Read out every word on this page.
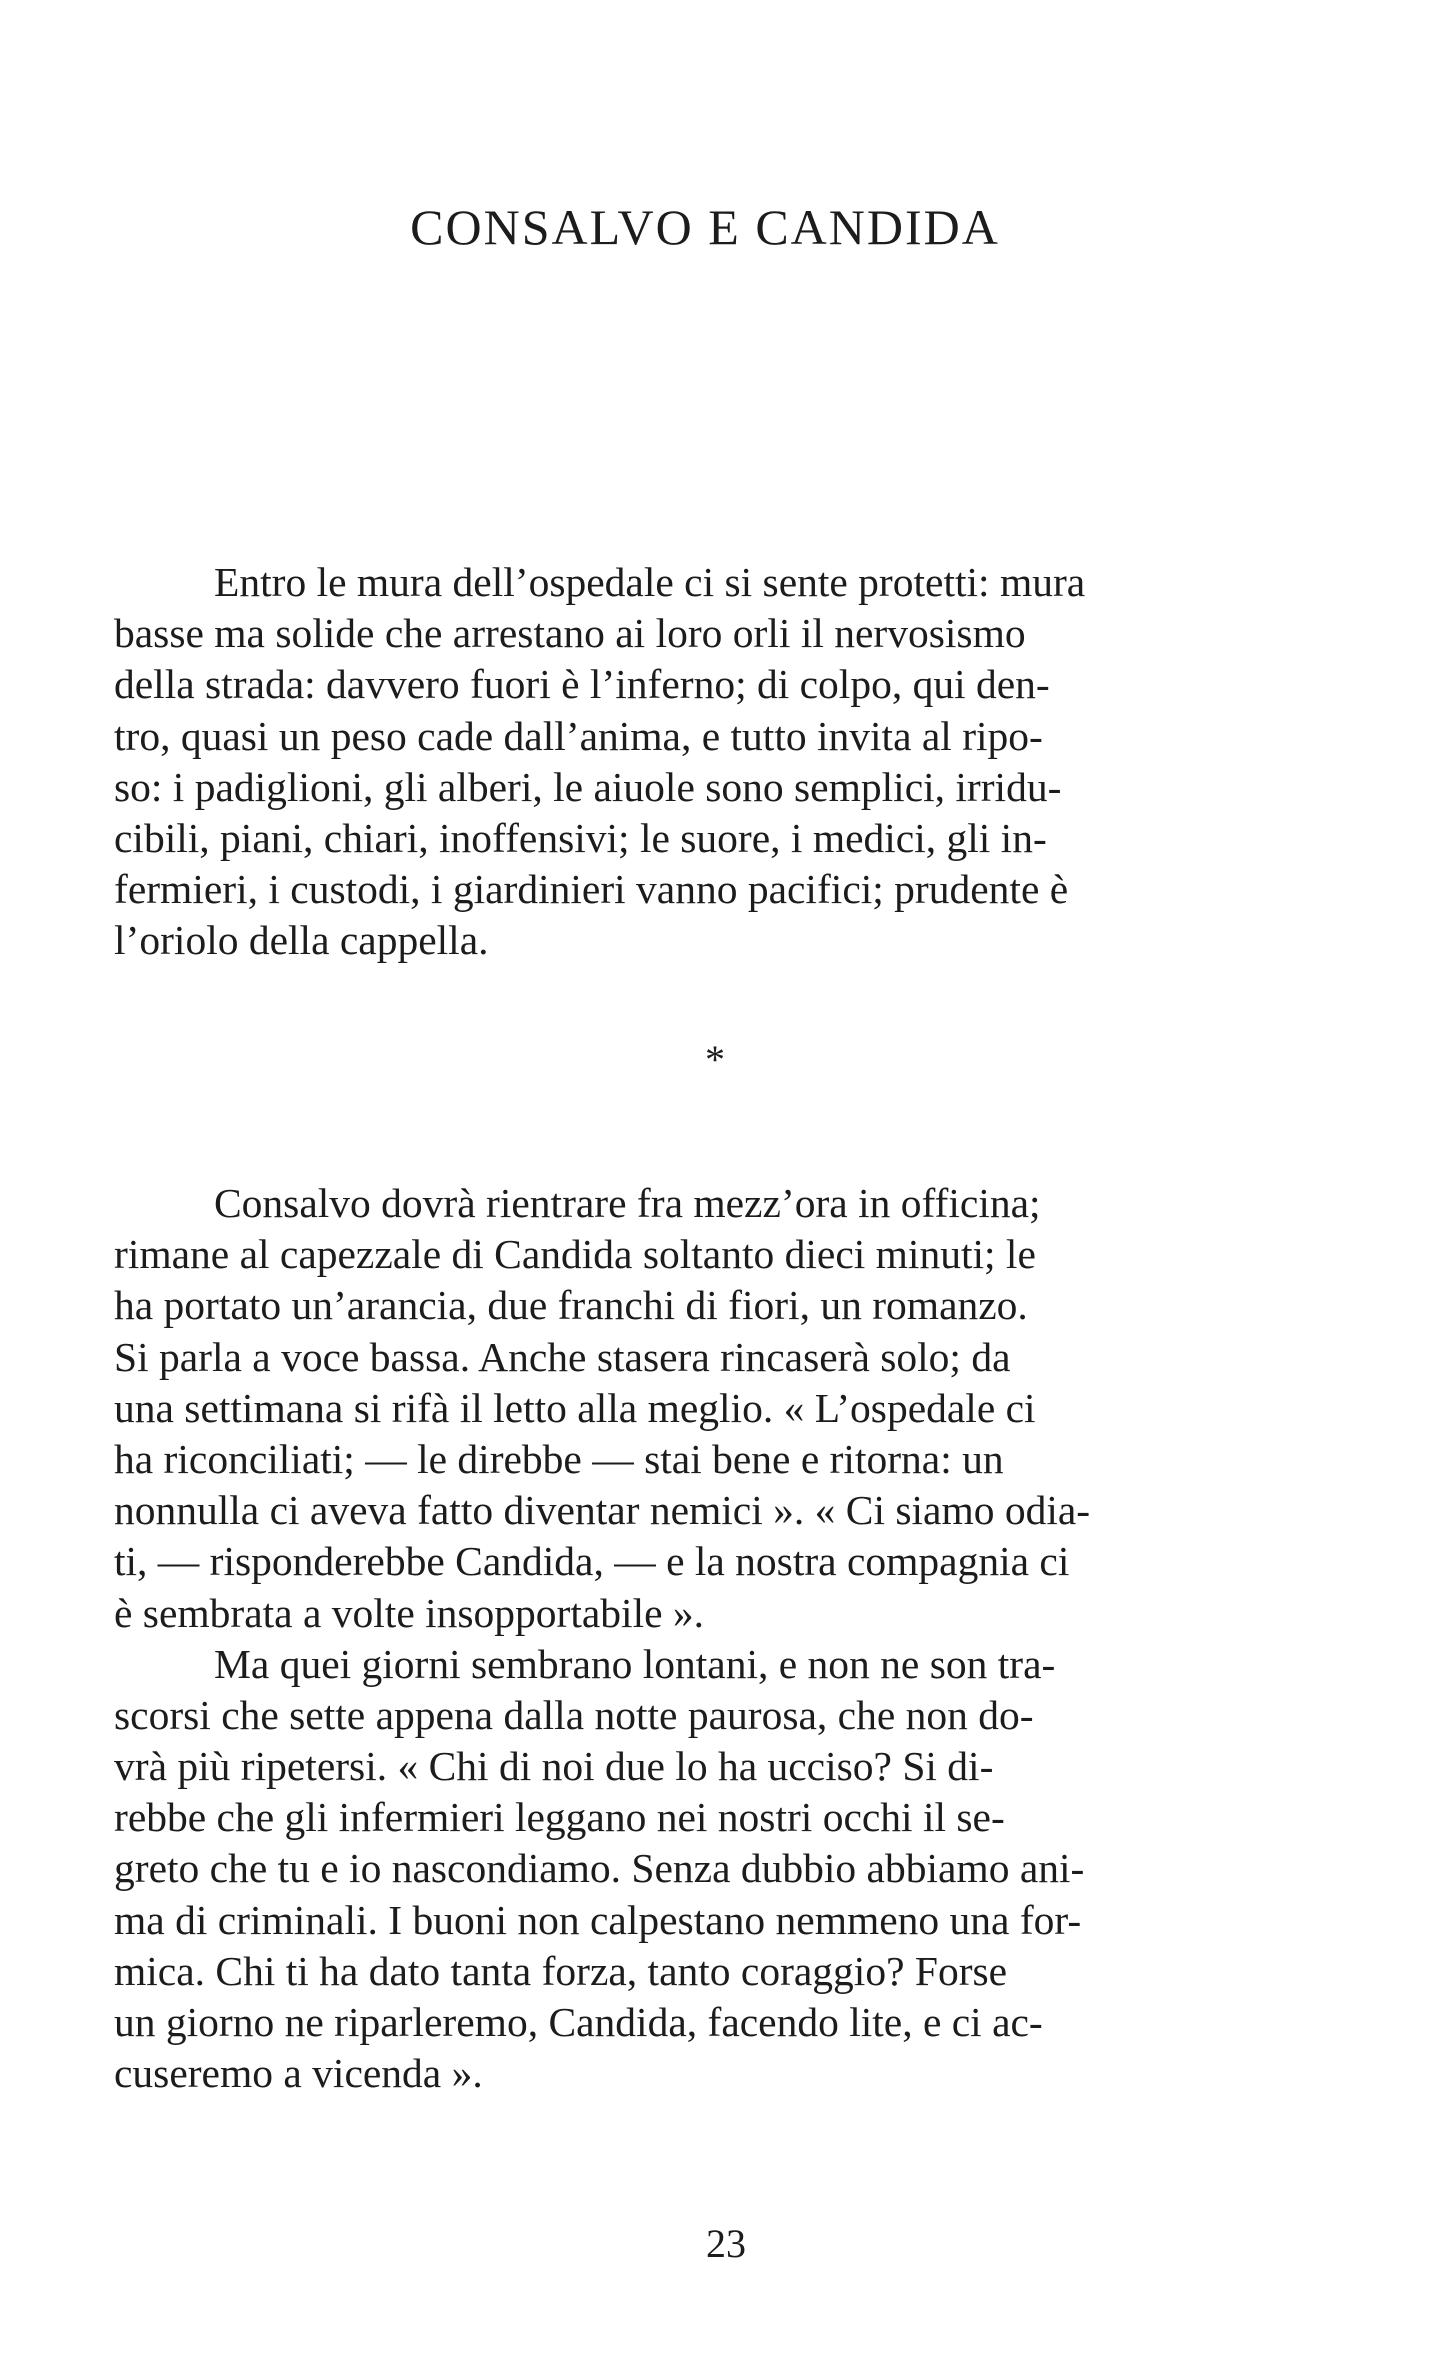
CONSALVO E CANDIDA
Entro le mura dell’ospedale ci si sente protetti: mura
basse ma solide che arrestano ai loro orli il nervosismo
della strada: davvero fuori è l’inferno; di colpo, qui den-
tro, quasi un peso cade dall’anima, e tutto invita al ripo-
so: i padiglioni, gli alberi, le aiuole sono semplici, irridu-
cibili, piani, chiari, inoffensivi; le suore, i medici, gli in-
fermieri, i custodi, i giardinieri vanno pacifici; prudente è
l’oriolo della cappella.
*
Consalvo dovrà rientrare fra mezz’ora in officina;
rimane al capezzale di Candida soltanto dieci minuti; le
ha portato un’arancia, due franchi di fiori, un romanzo.
Si parla a voce bassa. Anche stasera rincaserà solo; da
una settimana si rifà il letto alla meglio. « L’ospedale ci
ha riconciliati; — le direbbe — stai bene e ritorna: un
nonnulla ci aveva fatto diventar nemici ». « Ci siamo odia-
ti, — risponderebbe Candida, — e la nostra compagnia ci
è sembrata a volte insopportabile ».
Ma quei giorni sembrano lontani, e non ne son tra-
scorsi che sette appena dalla notte paurosa, che non do-
vrà più ripetersi. « Chi di noi due lo ha ucciso? Si di-
rebbe che gli infermieri leggano nei nostri occhi il se-
greto che tu e io nascondiamo. Senza dubbio abbiamo ani-
ma di criminali. I buoni non calpestano nemmeno una for-
mica. Chi ti ha dato tanta forza, tanto coraggio? Forse
un giorno ne riparleremo, Candida, facendo lite, e ci ac-
cuseremo a vicenda ».
23
